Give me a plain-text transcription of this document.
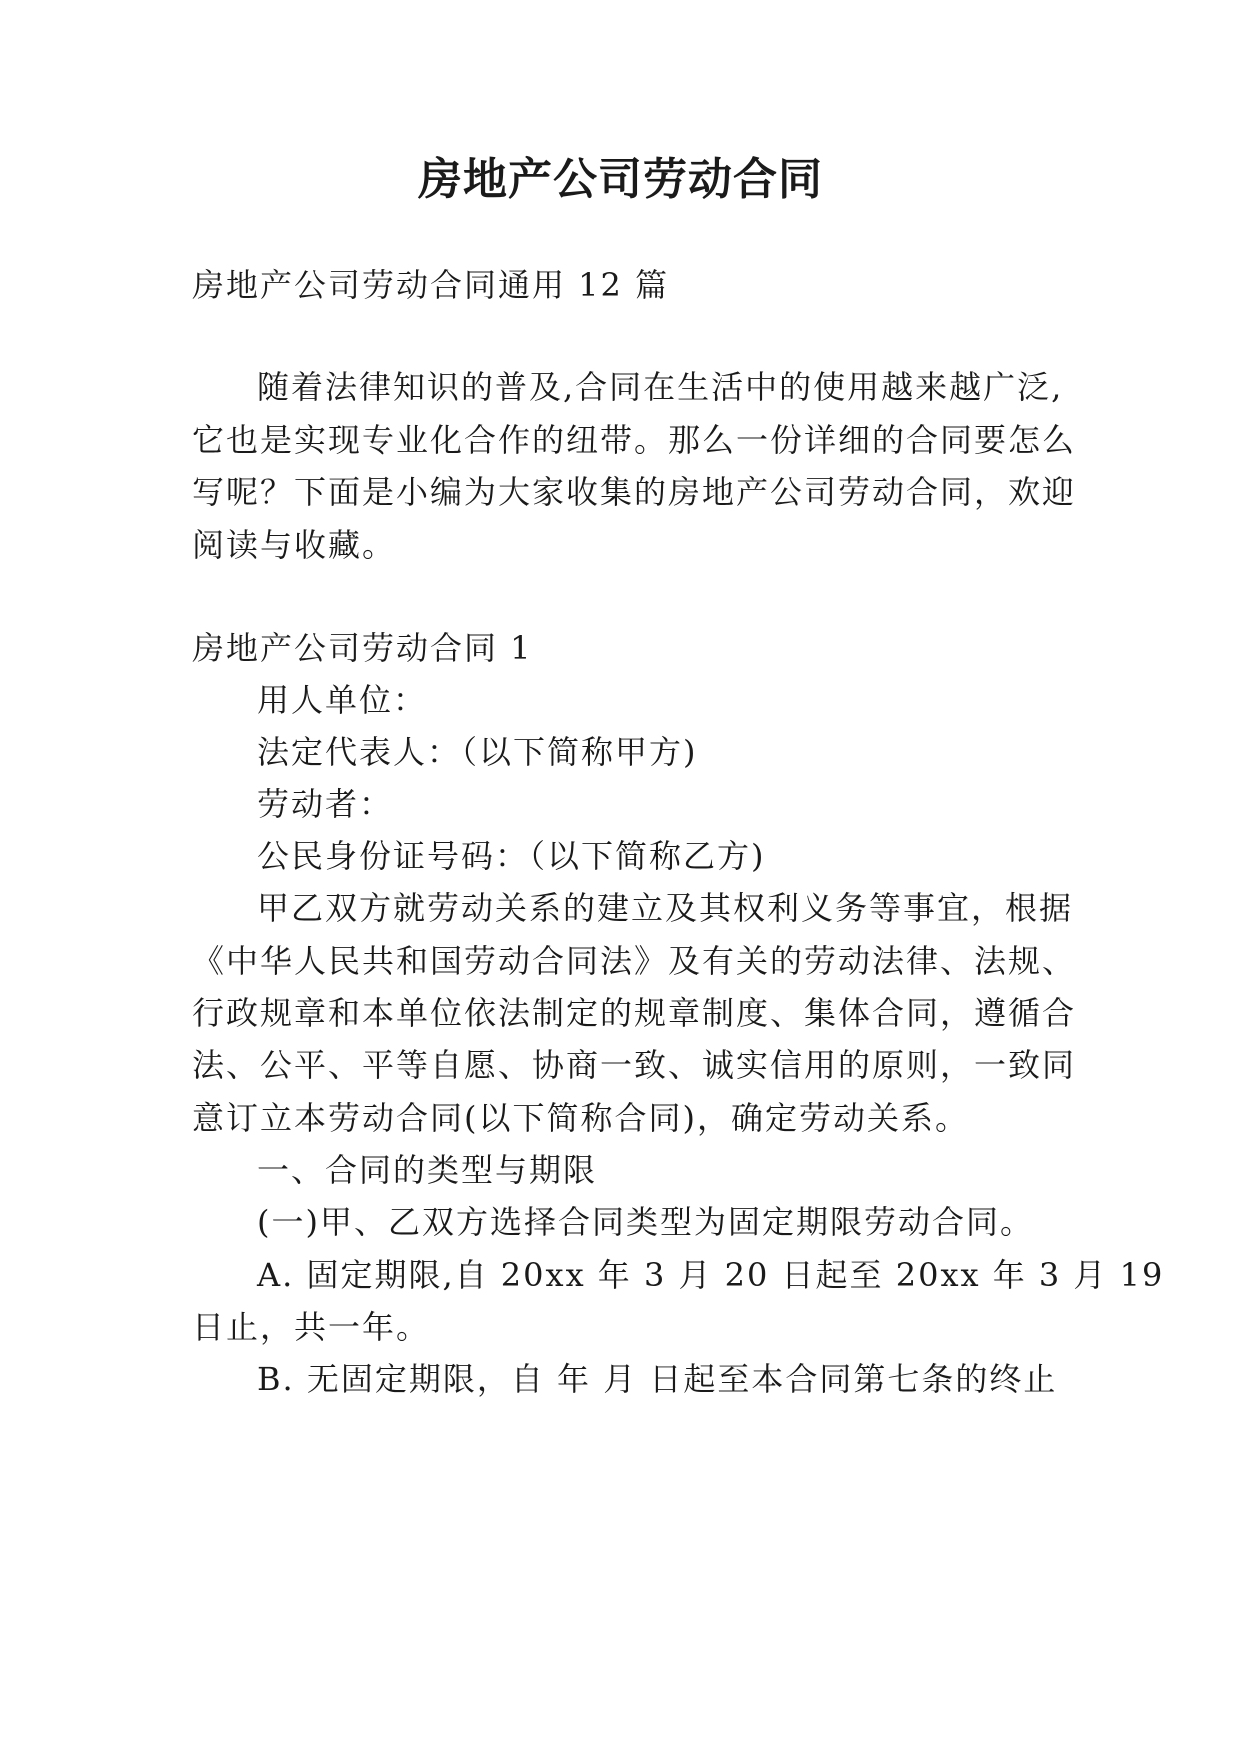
房地产公司劳动合同

房地产公司劳动合同通用 12 篇

随着法律知识的普及,合同在生活中的使用越来越广泛,

它也是实现专业化合作的纽带。那么一份详细的合同要怎么

写呢？下面是小编为大家收集的房地产公司劳动合同，欢迎

阅读与收藏。

房地产公司劳动合同 1

用人单位：

法定代表人：（以下简称甲方)

劳动者：

公民身份证号码：（以下简称乙方)

甲乙双方就劳动关系的建立及其权利义务等事宜，根据

《中华人民共和国劳动合同法》及有关的劳动法律、法规、

行政规章和本单位依法制定的规章制度、集体合同，遵循合

法、公平、平等自愿、协商一致、诚实信用的原则，一致同

意订立本劳动合同(以下简称合同)，确定劳动关系。

一、合同的类型与期限

(一)甲、乙双方选择合同类型为固定期限劳动合同。

A. 固定期限,自 20xx 年 3 月 20 日起至 20xx 年 3 月 19

日止，共一年。

B. 无固定期限，自 年 月 日起至本合同第七条的终止
